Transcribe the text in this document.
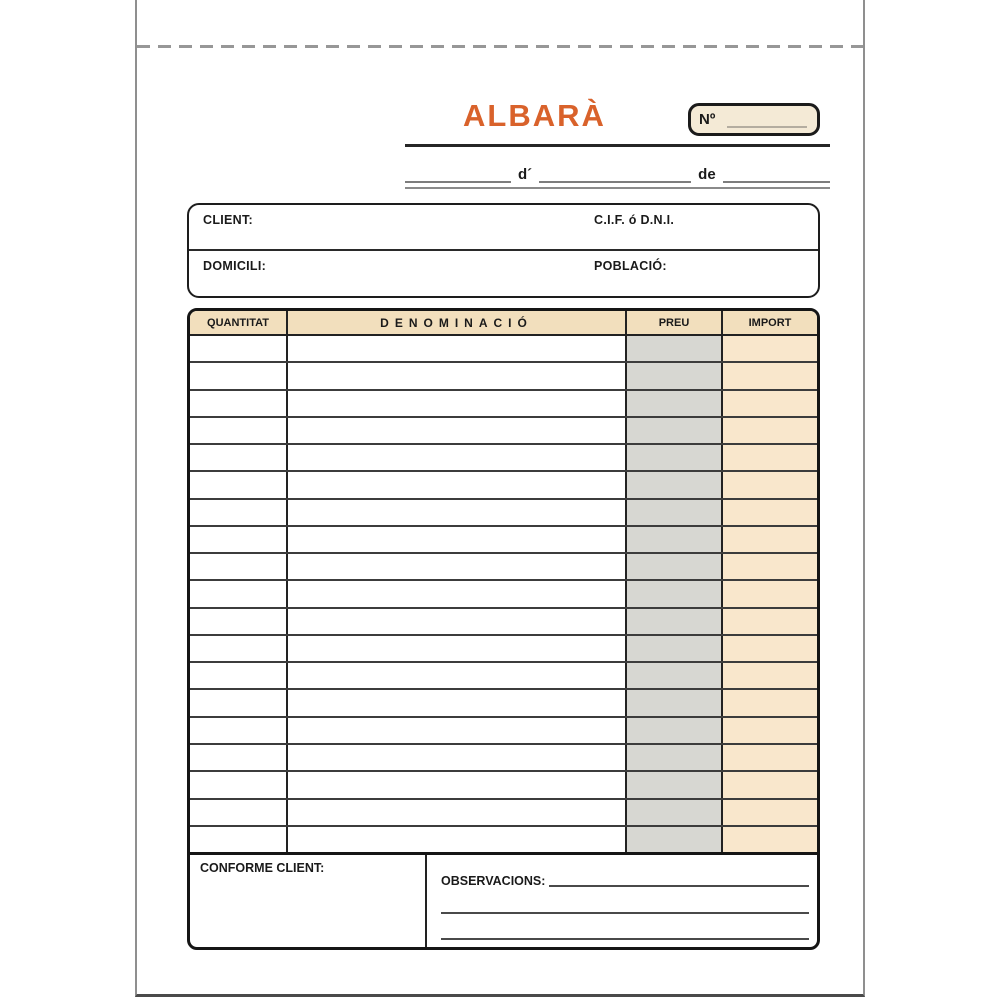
ALBARÀ	Nº
d´	de
CLIENT:	C.I.F. ó D.N.I.
DOMICILI:	POBLACIÓ:
QUANTITAT	DENOMINACIÓ	PREU	IMPORT
CONFORME CLIENT:
OBSERVACIONS:
